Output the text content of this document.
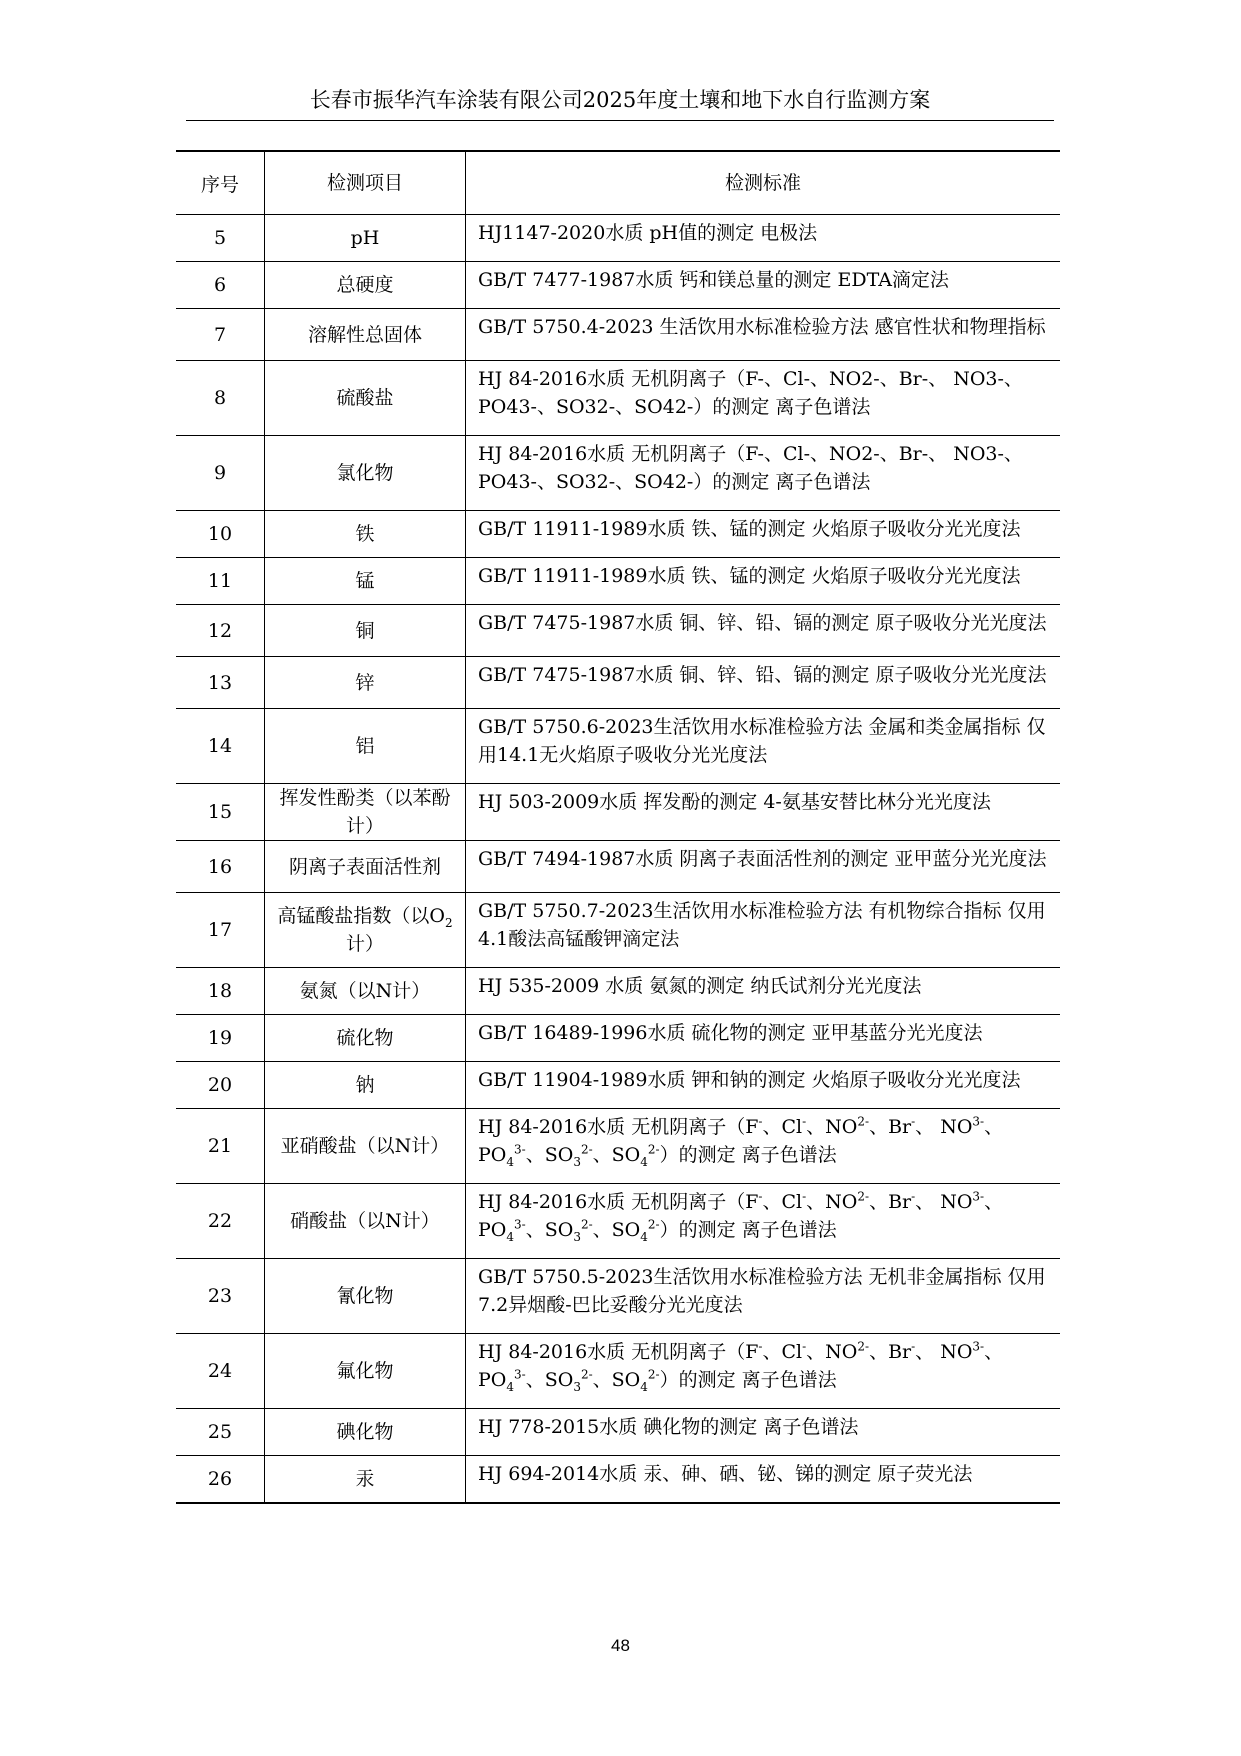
长春市振华汽车涂装有限公司2025年度土壤和地下水自行监测方案
序号	检测项目	检测标准
5	pH	HJ1147-2020水质 pH值的测定 电极法
6	总硬度	GB/T 7477-1987水质 钙和镁总量的测定 EDTA滴定法
7	溶解性总固体	GB/T 5750.4-2023 生活饮用水标准检验方法 感官性状和物理指标
8	硫酸盐	HJ 84-2016水质 无机阴离子（F-、Cl-、NO2-、Br-、 NO3-、PO43-、SO32-、SO42-）的测定 离子色谱法
9	氯化物	HJ 84-2016水质 无机阴离子（F-、Cl-、NO2-、Br-、 NO3-、PO43-、SO32-、SO42-）的测定 离子色谱法
10	铁	GB/T 11911-1989水质 铁、锰的测定 火焰原子吸收分光光度法
11	锰	GB/T 11911-1989水质 铁、锰的测定 火焰原子吸收分光光度法
12	铜	GB/T 7475-1987水质 铜、锌、铅、镉的测定 原子吸收分光光度法
13	锌	GB/T 7475-1987水质 铜、锌、铅、镉的测定 原子吸收分光光度法
14	铝	GB/T 5750.6-2023生活饮用水标准检验方法 金属和类金属指标 仅用14.1无火焰原子吸收分光光度法
15	挥发性酚类（以苯酚计）	HJ 503-2009水质 挥发酚的测定 4-氨基安替比林分光光度法
16	阴离子表面活性剂	GB/T 7494-1987水质 阴离子表面活性剂的测定 亚甲蓝分光光度法
17	高锰酸盐指数（以$O_2$计）	GB/T 5750.7-2023生活饮用水标准检验方法 有机物综合指标 仅用4.1酸法高锰酸钾滴定法
18	氨氮（以N计）	HJ 535-2009 水质 氨氮的测定 纳氏试剂分光光度法
19	硫化物	GB/T 16489-1996水质 硫化物的测定 亚甲基蓝分光光度法
20	钠	GB/T 11904-1989水质 钾和钠的测定 火焰原子吸收分光光度法
21	亚硝酸盐（以N计）	HJ 84-2016水质 无机阴离子（F-、Cl-、$NO^{2-}$、Br-、 $NO^{3-}$、$PO_4^{3-}$、$SO_3^{2-}$、$SO_4^{2-}$）的测定 离子色谱法
22	硝酸盐（以N计）	HJ 84-2016水质 无机阴离子（F-、Cl-、$NO^{2-}$、Br-、 $NO^{3-}$、$PO_4^{3-}$、$SO_3^{2-}$、$SO_4^{2-}$）的测定 离子色谱法
23	氰化物	GB/T 5750.5-2023生活饮用水标准检验方法 无机非金属指标 仅用7.2异烟酸-巴比妥酸分光光度法
24	氟化物	HJ 84-2016水质 无机阴离子（F-、Cl-、$NO^{2-}$、Br-、 $NO^{3-}$、$PO_4^{3-}$、$SO_3^{2-}$、$SO_4^{2-}$）的测定 离子色谱法
25	碘化物	HJ 778-2015水质 碘化物的测定 离子色谱法
26	汞	HJ 694-2014水质 汞、砷、硒、铋、锑的测定 原子荧光法
48
